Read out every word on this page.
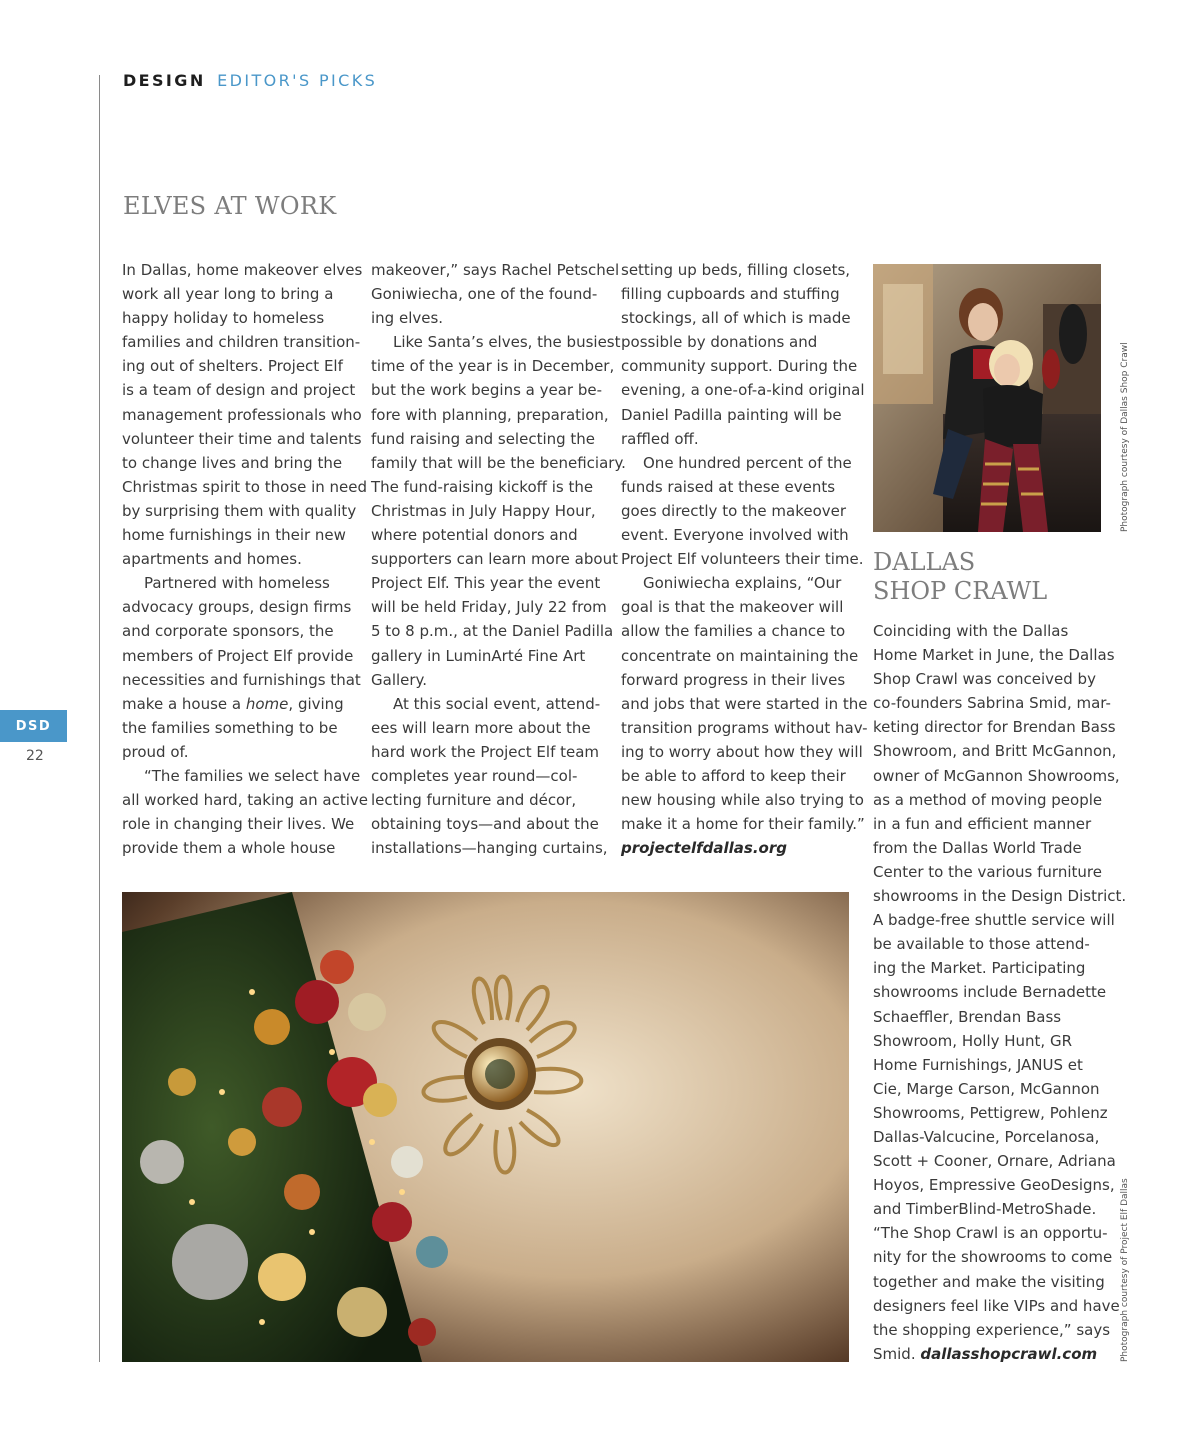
DESIGN EDITOR'S PICKS
ELVES AT WORK
In Dallas, home makeover elves
work all year long to bring a
happy holiday to homeless
families and children transition-
ing out of shelters. Project Elf
is a team of design and project
management professionals who
volunteer their time and talents
to change lives and bring the
Christmas spirit to those in need
by surprising them with quality
home furnishings in their new
apartments and homes.
Partnered with homeless
advocacy groups, design firms
and corporate sponsors, the
members of Project Elf provide
necessities and furnishings that
make a house a home, giving
the families something to be
proud of.
“The families we select have
all worked hard, taking an active
role in changing their lives. We
provide them a whole house
makeover,” says Rachel Petschel
Goniwiecha, one of the found-
ing elves.
Like Santa’s elves, the busiest
time of the year is in December,
but the work begins a year be-
fore with planning, preparation,
fund raising and selecting the
family that will be the beneficiary.
The fund-raising kickoff is the
Christmas in July Happy Hour,
where potential donors and
supporters can learn more about
Project Elf. This year the event
will be held Friday, July 22 from
5 to 8 p.m., at the Daniel Padilla
gallery in LuminArté Fine Art
Gallery.
At this social event, attend-
ees will learn more about the
hard work the Project Elf team
completes year round—col-
lecting furniture and décor,
obtaining toys—and about the
installations—hanging curtains,
setting up beds, filling closets,
filling cupboards and stuffing
stockings, all of which is made
possible by donations and
community support. During the
evening, a one-of-a-kind original
Daniel Padilla painting will be
raffled off.
One hundred percent of the
funds raised at these events
goes directly to the makeover
event. Everyone involved with
Project Elf volunteers their time.
Goniwiecha explains, “Our
goal is that the makeover will
allow the families a chance to
concentrate on maintaining the
forward progress in their lives
and jobs that were started in the
transition programs without hav-
ing to worry about how they will
be able to afford to keep their
new housing while also trying to
make it a home for their family.”
projectelfdallas.org
DALLAS
SHOP CRAWL
Coinciding with the Dallas
Home Market in June, the Dallas
Shop Crawl was conceived by
co-founders Sabrina Smid, mar-
keting director for Brendan Bass
Showroom, and Britt McGannon,
owner of McGannon Showrooms,
as a method of moving people
in a fun and efficient manner
from the Dallas World Trade
Center to the various furniture
showrooms in the Design District.
A badge-free shuttle service will
be available to those attend-
ing the Market. Participating
showrooms include Bernadette
Schaeffler, Brendan Bass
Showroom, Holly Hunt, GR
Home Furnishings, JANUS et
Cie, Marge Carson, McGannon
Showrooms, Pettigrew, Pohlenz
Dallas-Valcucine, Porcelanosa,
Scott + Cooner, Ornare, Adriana
Hoyos, Empressive GeoDesigns,
and TimberBlind-MetroShade.
“The Shop Crawl is an opportu-
nity for the showrooms to come
together and make the visiting
designers feel like VIPs and have
the shopping experience,” says
Smid. dallasshopcrawl.com
Photograph courtesy of Dallas Shop Crawl
Photograph courtesy of Project Elf Dallas
DSD
22
